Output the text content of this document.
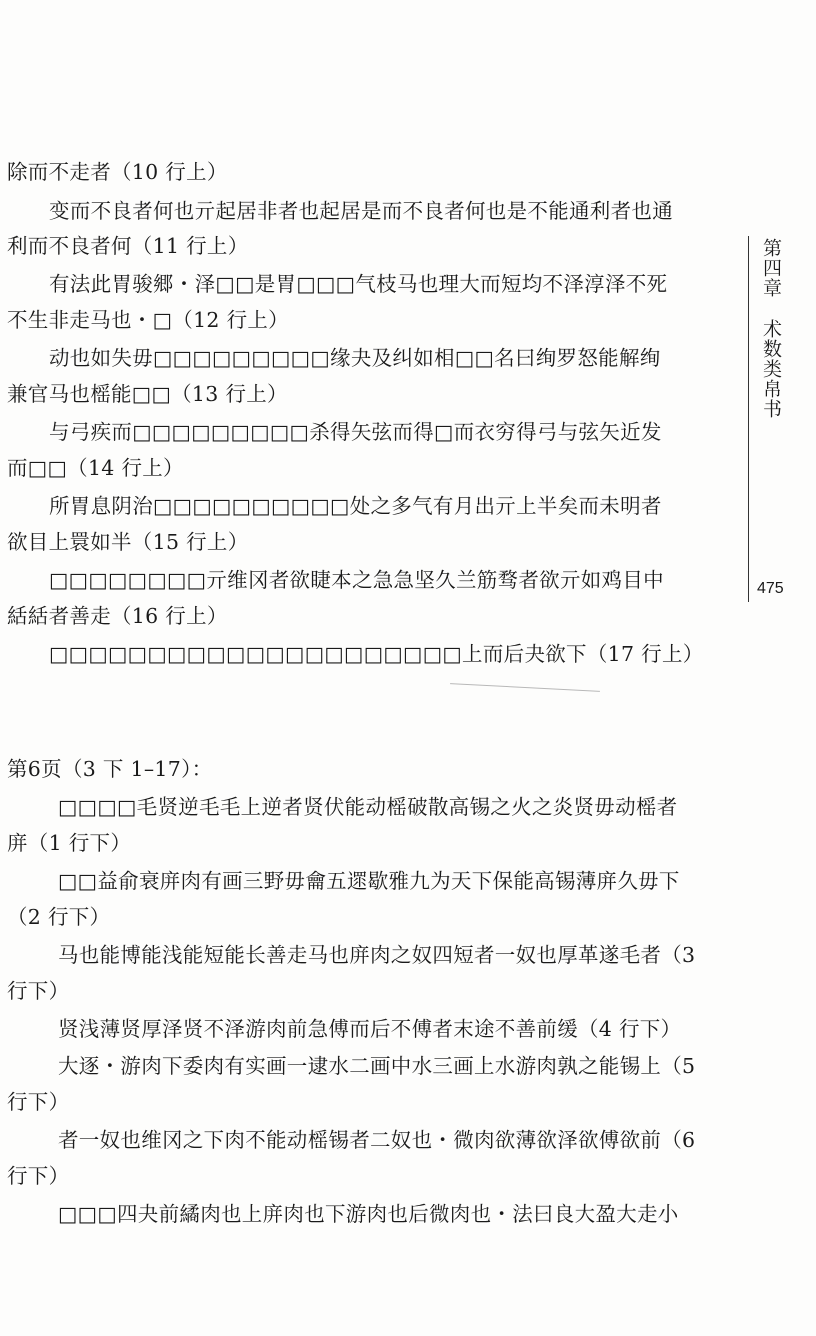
除而不走者（10 行上）
变而不良者何也亓起居非者也起居是而不良者何也是不能通利者也通
利而不良者何（11 行上）
有法此胃骏郷・泽□□是胃□□□气枝马也理大而短均不泽淳泽不死
不生非走马也・□（12 行上）
动也如失毋□□□□□□□□□缘夬及纠如相□□名曰绚罗怒能解绚
兼官马也榣能□□（13 行上）
与弓疾而□□□□□□□□□杀得矢弦而得□而衣穷得弓与弦矢近发
而□□（14 行上）
所胃息阴治□□□□□□□□□□处之多气有月出亓上半矣而未明者
欲目上睘如半（15 行上）
□□□□□□□□亓维冈者欲睫本之急急坚久兰筋骛者欲亓如鸡目中
絬絬者善走（16 行上）
□□□□□□□□□□□□□□□□□□□□□上而后夬欲下（17 行上）
第6页（3 下 1–17）：
□□□□毛贤逆毛毛上逆者贤伏能动榣破散高锡之火之炎贤毋动榣者
庰（1 行下）
□□益俞衰庰肉有画三野毋龠五遝歇雅九为天下保能高锡薄庰久毋下
（2 行下）
马也能博能浅能短能长善走马也庰肉之奴四短者一奴也厚革遂毛者（3
行下）
贤浅薄贤厚泽贤不泽游肉前急傅而后不傅者末途不善前缓（4 行下）
大逐・游肉下委肉有实画一逮水二画中水三画上水游肉孰之能锡上（5
行下）
者一奴也维冈之下肉不能动榣锡者二奴也・微肉欲薄欲泽欲傅欲前（6
行下）
□□□四夬前繘肉也上庰肉也下游肉也后微肉也・法曰良大盈大走小
第四章 术数类帛书
475
